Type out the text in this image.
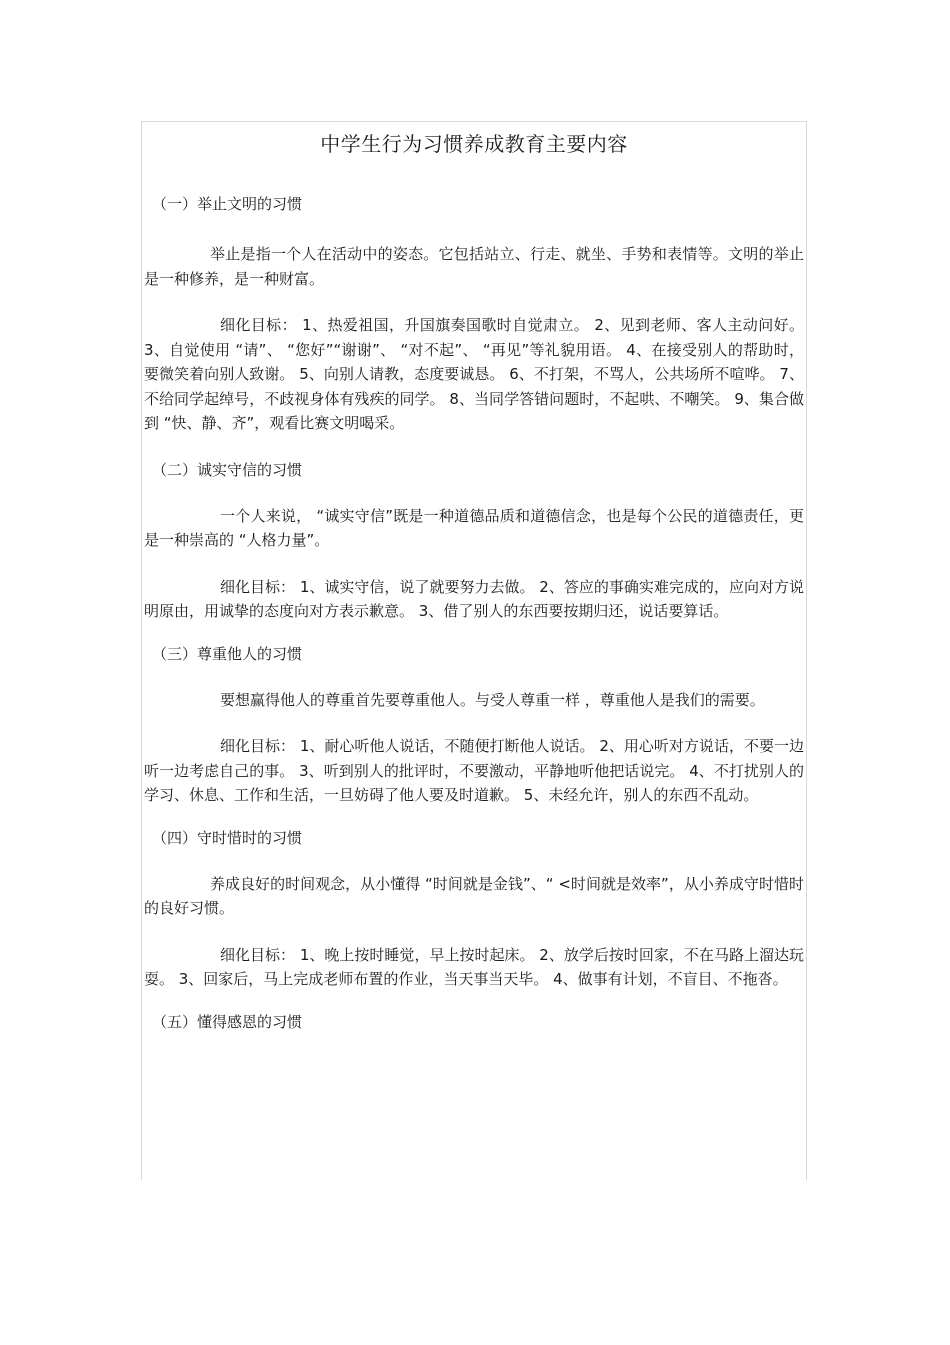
中学生行为习惯养成教育主要内容

（一）举止文明的习惯

举止是指一个人在活动中的姿态。它包括站立、行走、就坐、手势和表情等。文明的举止是一种修养，是一种财富。

细化目标： 1、热爱祖国，升国旗奏国歌时自觉肃立。 2、见到老师、客人主动问好。 3、自觉使用 “请”、 “您好”“谢谢”、 “对不起”、 “再见”等礼貌用语。 4、在接受别人的帮助时，要微笑着向别人致谢。 5、向别人请教，态度要诚恳。 6、不打架，不骂人，公共场所不喧哗。 7、不给同学起绰号，不歧视身体有残疾的同学。 8、当同学答错问题时，不起哄、不嘲笑。 9、集合做到 “快、静、齐”，观看比赛文明喝采。

（二）诚实守信的习惯

一个人来说， “诚实守信”既是一种道德品质和道德信念，也是每个公民的道德责任，更是一种崇高的 “人格力量”。

细化目标： 1、诚实守信，说了就要努力去做。 2、答应的事确实难完成的，应向对方说明原由，用诚挚的态度向对方表示歉意。 3、借了别人的东西要按期归还，说话要算话。

（三）尊重他人的习惯

要想赢得他人的尊重首先要尊重他人。与受人尊重一样 ，尊重他人是我们的需要。

细化目标： 1、耐心听他人说话，不随便打断他人说话。 2、用心听对方说话，不要一边听一边考虑自己的事。 3、听到别人的批评时，不要激动，平静地听他把话说完。 4、不打扰别人的学习、休息、工作和生活，一旦妨碍了他人要及时道歉。 5、未经允许，别人的东西不乱动。

（四）守时惜时的习惯

养成良好的时间观念，从小懂得 “时间就是金钱”、“ <时间就是效率”，从小养成守时惜时的良好习惯。

细化目标： 1、晚上按时睡觉，早上按时起床。 2、放学后按时回家，不在马路上溜达玩耍。 3、回家后，马上完成老师布置的作业，当天事当天毕。 4、做事有计划，不盲目、不拖沓。

（五）懂得感恩的习惯
